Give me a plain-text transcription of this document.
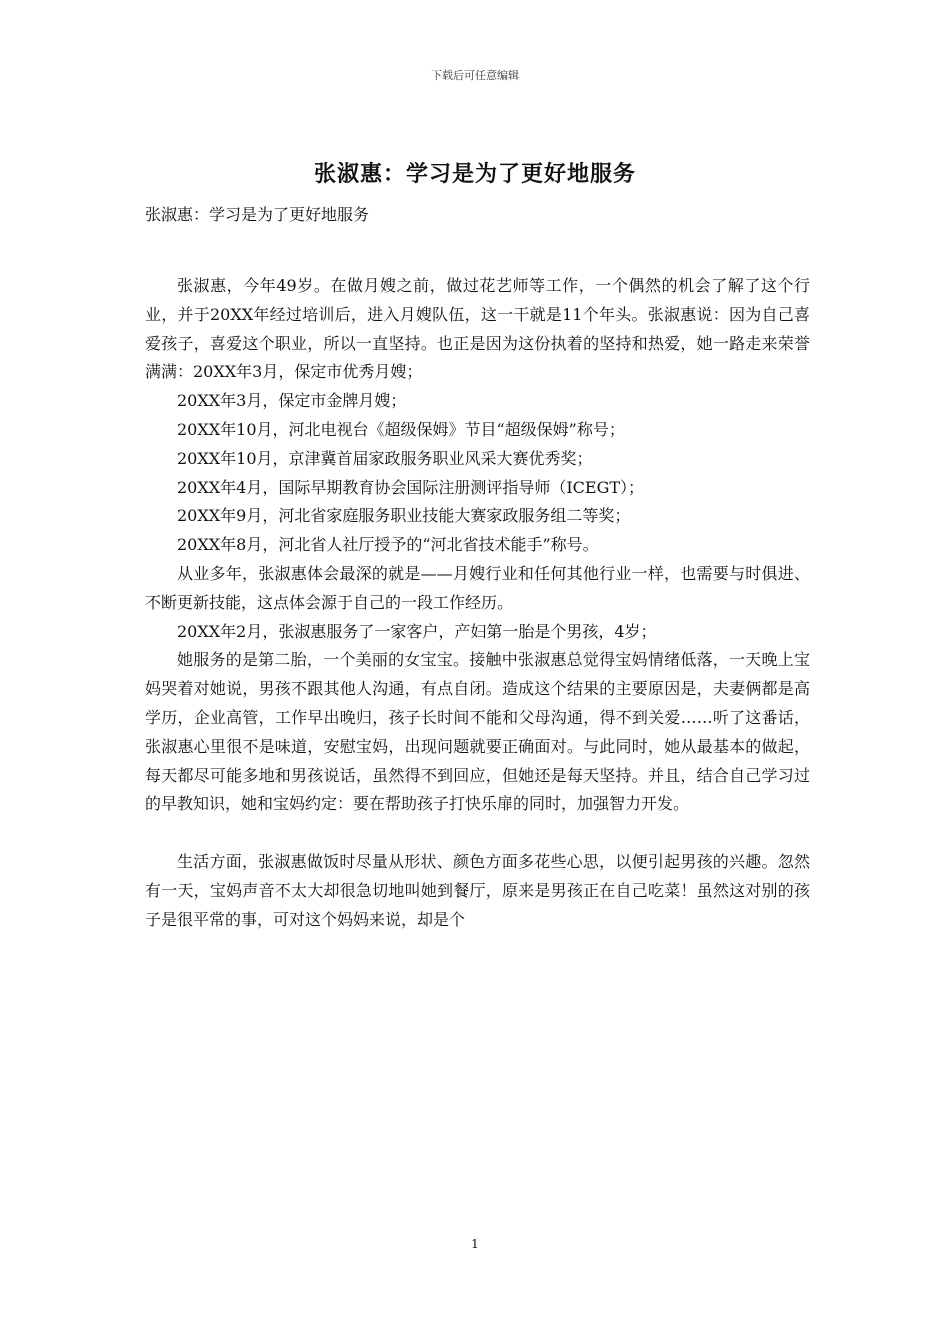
下载后可任意编辑
张淑惠：学习是为了更好地服务
张淑惠：学习是为了更好地服务

张淑惠，今年49岁。在做月嫂之前，做过花艺师等工作，一个偶然的机会了解了这个行业，并于20XX年经过培训后，进入月嫂队伍，这一干就是11个年头。张淑惠说：因为自己喜爱孩子，喜爱这个职业，所以一直坚持。也正是因为这份执着的坚持和热爱，她一路走来荣誉满满：20XX年3月，保定市优秀月嫂；

20XX年3月，保定市金牌月嫂；

20XX年10月，河北电视台《超级保姆》节目“超级保姆”称号；

20XX年10月，京津冀首届家政服务职业风采大赛优秀奖；

20XX年4月，国际早期教育协会国际注册测评指导师（ICEGT）；

20XX年9月，河北省家庭服务职业技能大赛家政服务组二等奖；

20XX年8月，河北省人社厅授予的“河北省技术能手”称号。

从业多年，张淑惠体会最深的就是——月嫂行业和任何其他行业一样，也需要与时俱进、不断更新技能，这点体会源于自己的一段工作经历。

20XX年2月，张淑惠服务了一家客户，产妇第一胎是个男孩，4岁；

她服务的是第二胎，一个美丽的女宝宝。接触中张淑惠总觉得宝妈情绪低落，一天晚上宝妈哭着对她说，男孩不跟其他人沟通，有点自闭。造成这个结果的主要原因是，夫妻俩都是高学历，企业高管，工作早出晚归，孩子长时间不能和父母沟通，得不到关爱……听了这番话，张淑惠心里很不是味道，安慰宝妈，出现问题就要正确面对。与此同时，她从最基本的做起，每天都尽可能多地和男孩说话，虽然得不到回应，但她还是每天坚持。并且，结合自己学习过的早教知识，她和宝妈约定：要在帮助孩子打快乐扉的同时，加强智力开发。

生活方面，张淑惠做饭时尽量从形状、颜色方面多花些心思，以便引起男孩的兴趣。忽然有一天，宝妈声音不太大却很急切地叫她到餐厅，原来是男孩正在自己吃菜！虽然这对别的孩子是很平常的事，可对这个妈妈来说，却是个

1
